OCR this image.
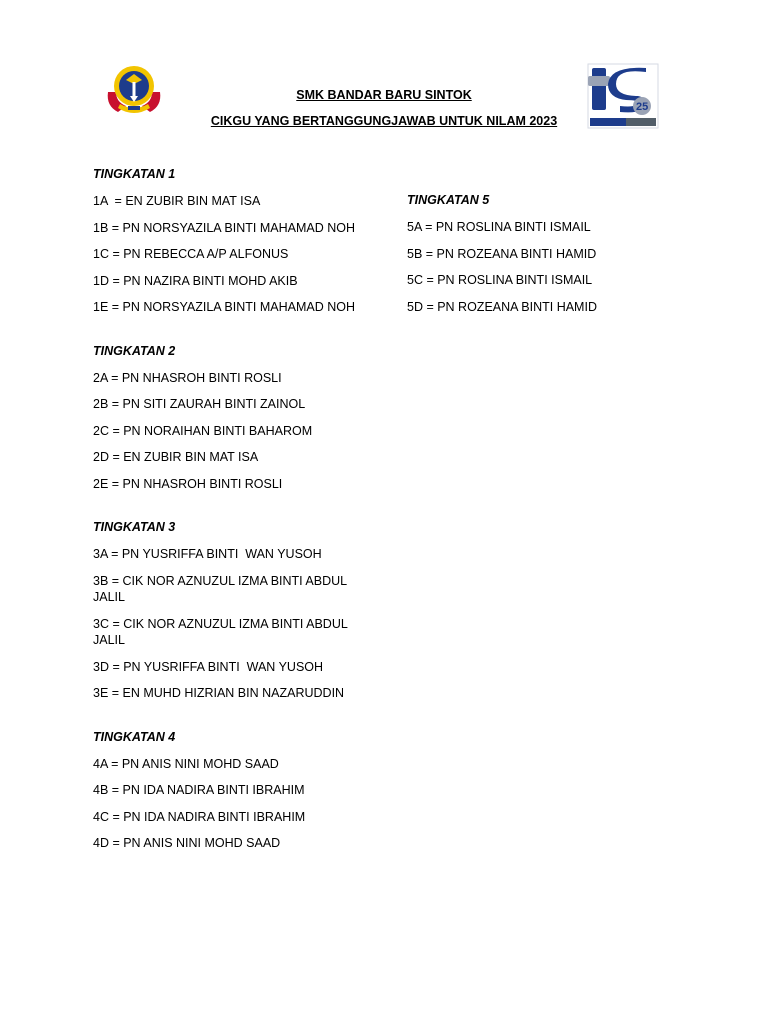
SMK BANDAR BARU SINTOK
CIKGU YANG BERTANGGUNGJAWAB UNTUK NILAM 2023
25
TINGKATAN 1
1A  = EN ZUBIR BIN MAT ISA
1B = PN NORSYAZILA BINTI MAHAMAD NOH
1C = PN REBECCA A/P ALFONUS
1D = PN NAZIRA BINTI MOHD AKIB
1E = PN NORSYAZILA BINTI MAHAMAD NOH
TINGKATAN 2
2A = PN NHASROH BINTI ROSLI
2B = PN SITI ZAURAH BINTI ZAINOL
2C = PN NORAIHAN BINTI BAHAROM
2D = EN ZUBIR BIN MAT ISA
2E = PN NHASROH BINTI ROSLI
TINGKATAN 3
3A = PN YUSRIFFA BINTI  WAN YUSOH
3B = CIK NOR AZNUZUL IZMA BINTI ABDUL JALIL
3C = CIK NOR AZNUZUL IZMA BINTI ABDUL JALIL
3D = PN YUSRIFFA BINTI  WAN YUSOH
3E = EN MUHD HIZRIAN BIN NAZARUDDIN
TINGKATAN 4
4A = PN ANIS NINI MOHD SAAD
4B = PN IDA NADIRA BINTI IBRAHIM
4C = PN IDA NADIRA BINTI IBRAHIM
4D = PN ANIS NINI MOHD SAAD
TINGKATAN 5
5A = PN ROSLINA BINTI ISMAIL
5B = PN ROZEANA BINTI HAMID
5C = PN ROSLINA BINTI ISMAIL
5D = PN ROZEANA BINTI HAMID
